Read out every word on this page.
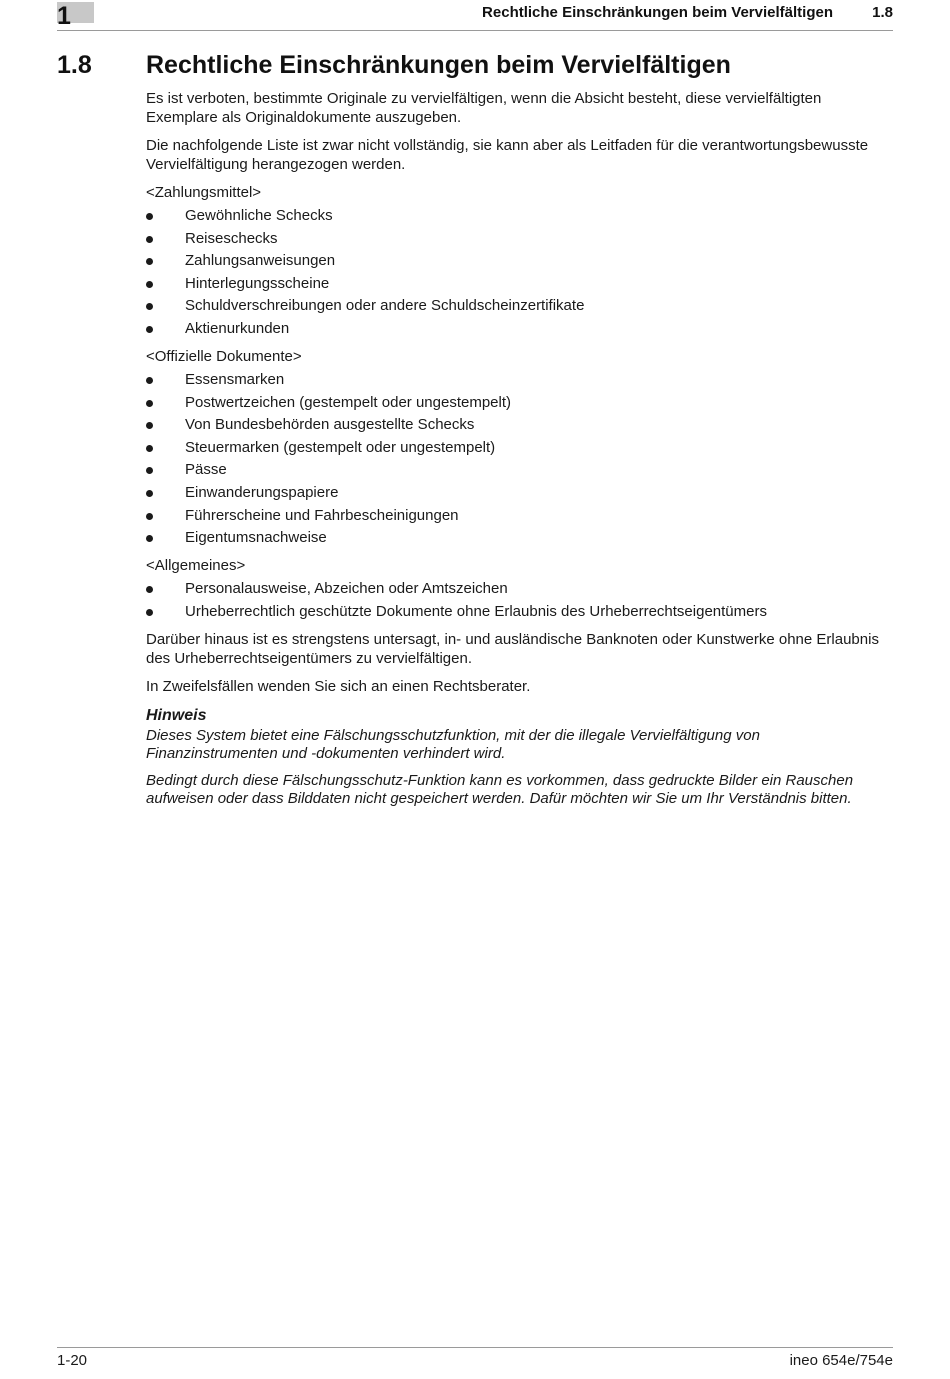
1	Rechtliche Einschränkungen beim Vervielfältigen	1.8
1.8 Rechtliche Einschränkungen beim Vervielfältigen

Es ist verboten, bestimmte Originale zu vervielfältigen, wenn die Absicht besteht, diese vervielfältigten Exemplare als Originaldokumente auszugeben.

Die nachfolgende Liste ist zwar nicht vollständig, sie kann aber als Leitfaden für die verantwortungsbewusste Vervielfältigung herangezogen werden.

<Zahlungsmittel>
Gewöhnliche Schecks
Reiseschecks
Zahlungsanweisungen
Hinterlegungsscheine
Schuldverschreibungen oder andere Schuldscheinzertifikate
Aktienurkunden
<Offizielle Dokumente>
Essensmarken
Postwertzeichen (gestempelt oder ungestempelt)
Von Bundesbehörden ausgestellte Schecks
Steuermarken (gestempelt oder ungestempelt)
Pässe
Einwanderungspapiere
Führerscheine und Fahrbescheinigungen
Eigentumsnachweise
<Allgemeines>
Personalausweise, Abzeichen oder Amtszeichen
Urheberrechtlich geschützte Dokumente ohne Erlaubnis des Urheberrechtseigentümers

Darüber hinaus ist es strengstens untersagt, in- und ausländische Banknoten oder Kunstwerke ohne Erlaubnis des Urheberrechtseigentümers zu vervielfältigen.

In Zweifelsfällen wenden Sie sich an einen Rechtsberater.

Hinweis

Dieses System bietet eine Fälschungsschutzfunktion, mit der die illegale Vervielfältigung von Finanzinstrumenten und -dokumenten verhindert wird.

Bedingt durch diese Fälschungsschutz-Funktion kann es vorkommen, dass gedruckte Bilder ein Rauschen aufweisen oder dass Bilddaten nicht gespeichert werden. Dafür möchten wir Sie um Ihr Verständnis bitten.

1-20	ineo 654e/754e
